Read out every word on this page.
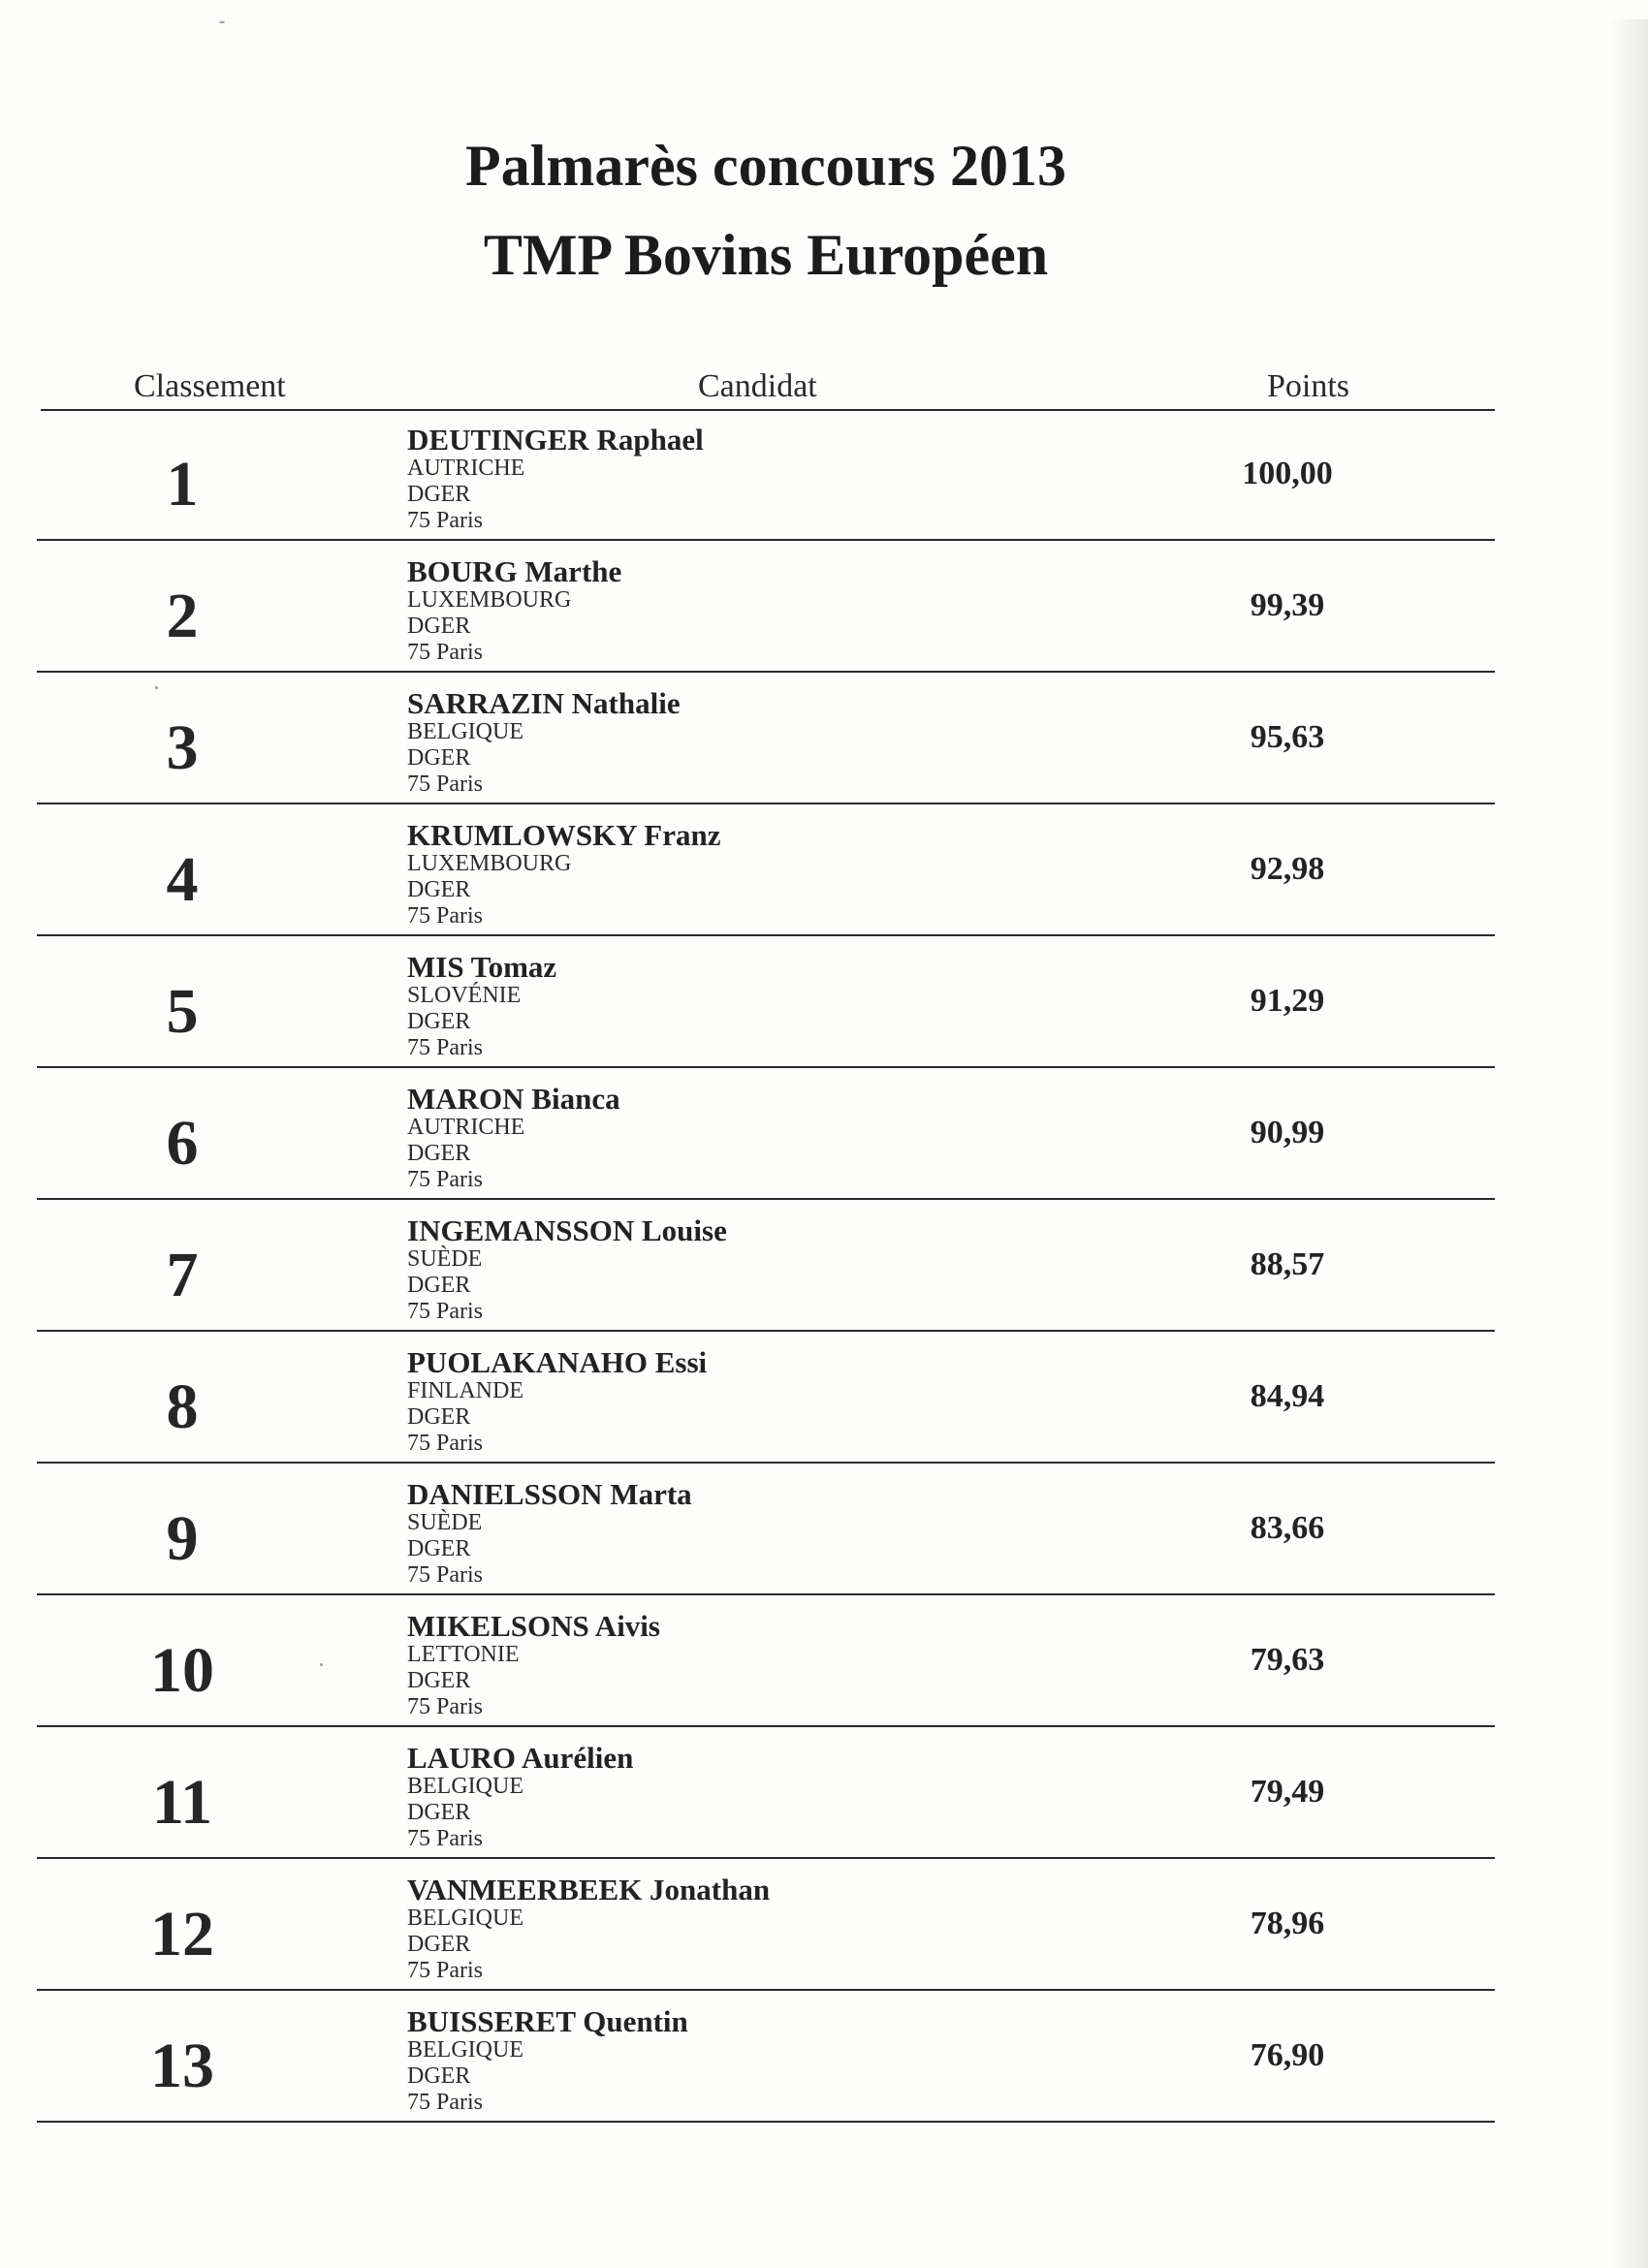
Palmarès concours 2013
TMP Bovins Européen
Classement	Candidat	Points
1
DEUTINGER Raphael
AUTRICHE
DGER
75 Paris
100,00
2
BOURG Marthe
LUXEMBOURG
DGER
75 Paris
99,39
3
SARRAZIN Nathalie
BELGIQUE
DGER
75 Paris
95,63
4
KRUMLOWSKY Franz
LUXEMBOURG
DGER
75 Paris
92,98
5
MIS Tomaz
SLOVÉNIE
DGER
75 Paris
91,29
6
MARON Bianca
AUTRICHE
DGER
75 Paris
90,99
7
INGEMANSSON Louise
SUÈDE
DGER
75 Paris
88,57
8
PUOLAKANAHO Essi
FINLANDE
DGER
75 Paris
84,94
9
DANIELSSON Marta
SUÈDE
DGER
75 Paris
83,66
10
MIKELSONS Aivis
LETTONIE
DGER
75 Paris
79,63
11
LAURO Aurélien
BELGIQUE
DGER
75 Paris
79,49
12
VANMEERBEEK Jonathan
BELGIQUE
DGER
75 Paris
78,96
13
BUISSERET Quentin
BELGIQUE
DGER
75 Paris
76,90
